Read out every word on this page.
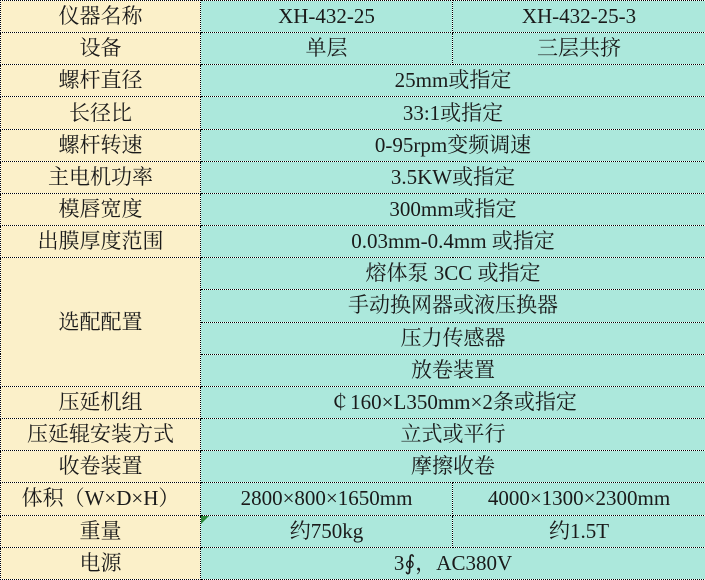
仪器名称	XH-432-25	XH-432-25-3
设备	单层	三层共挤
螺杆直径	25mm或指定	
长径比	33:1或指定	
螺杆转速	0-95rpm变频调速	
主电机功率	3.5KW或指定	
模唇宽度	300mm或指定	
出膜厚度范围	0.03mm-0.4mm 或指定	
选配配置	熔体泵 3CC 或指定	
	手动换网器或液压换器	
	压力传感器	
	放卷装置	
压延机组	￠160×L350mm×2条或指定	
压延辊安装方式	立式或平行	
收卷装置	摩擦收卷	
体积（W×D×H）	2800×800×1650mm	4000×1300×2300mm
重量	约750kg	约1.5T
电源	3∮，AC380V	
